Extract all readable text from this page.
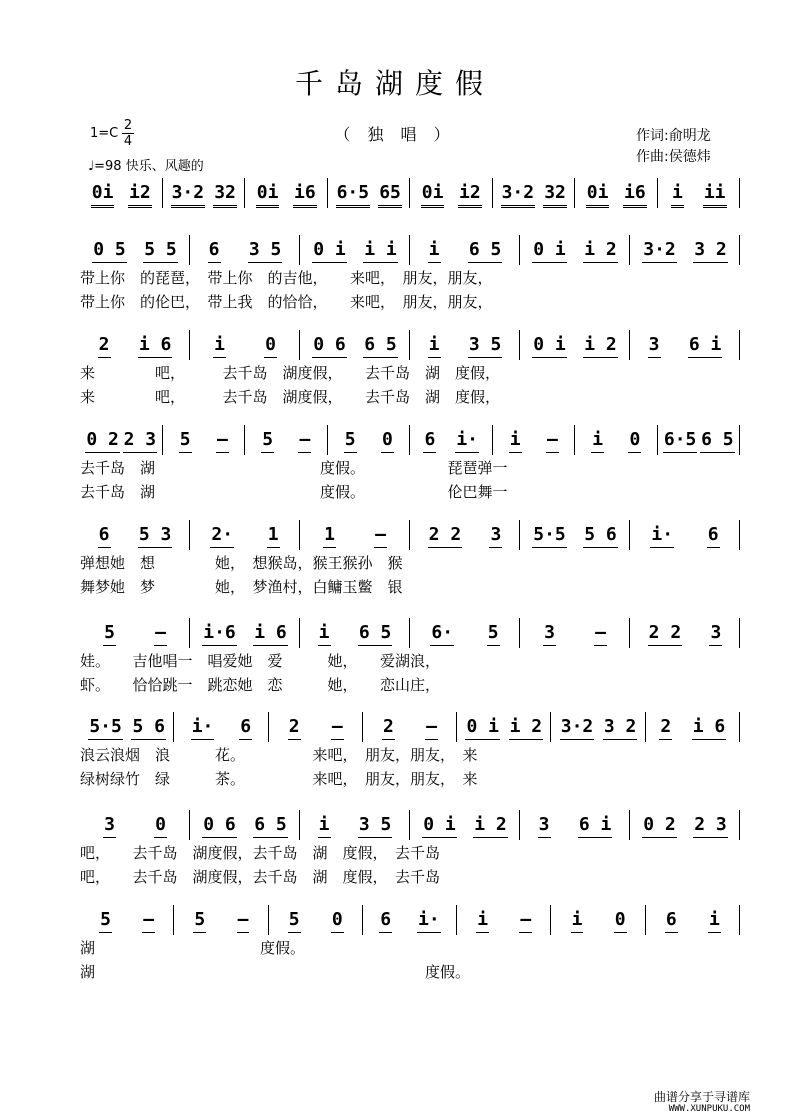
千岛湖度假
（ 独 唱 ）
1=C
2
4
♩=98 快乐、风趣的
作词:俞明龙
作曲:侯德炜
0i i2 3·2 32 0i i6 6·5 65 0i i2 3·2 32 0i i6 i ii
0 5 5 5 6 3 5 0 i i i i 6 5 0 i i 2 3·2 3 2
带上你　的琵琶，　带上你　的吉他，　　来吧，　朋友，朋友，
带上你　的伦巴，　带上我　的恰恰，　　来吧，　朋友，朋友，
2 i 6 i 0 0 6 6 5 i 3 5 0 i i 2 3 6 i
来　　　　吧，　　　去千岛　湖度假，　　去千岛　湖　度假，
来　　　　吧，　　　去千岛　湖度假，　　去千岛　湖　度假，
0 2 2 3 5 – 5 – 5 0 6 i· i – i 0 6·5 6 5
去千岛　湖　　　　　　　　　　　度假。　　　　　　琵琶弹一
去千岛　湖　　　　　　　　　　　度假。　　　　　　伦巴舞一
6 5 3 2· 1	1 – 2 2 3 5·5 5 6 i· 6
弹想她　想　　　　她，　想猴岛，猴王猴孙　猴
舞梦她　梦　　　　她，　梦渔村，白鳙玉鳖　银
5 – i·6 i 6 i 6 5 6· 5	3 – 2 2 3
娃。　　吉他唱一　唱爱她　爱　　　她，　　爱湖浪，
虾。　　恰恰跳一　跳恋她　恋　　　她，　　恋山庄，
5·5 5 6 i· 6 2 – 2 – 0 i i 2 3·2 3 2 2 i 6
浪云浪烟　浪　　　花。　　　　　来吧，　朋友，朋友，　来
绿树绿竹　绿　　　茶。　　　　　来吧，　朋友，朋友，　来
3 0 0 6 6 5 i 3 5 0 i i 2 3 6 i 0 2 2 3
吧，　　去千岛　湖度假，去千岛　湖　度假，　去千岛
吧，　　去千岛　湖度假，去千岛　湖　度假，　去千岛
5 – 5 – 5 0 6 i· i – i 0 6 i
湖　　　　　　　　　　　度假。
湖　　　　　　　　　　　　　　　　　　　　　　度假。
曲谱分享于寻谱库
WWW.XUNPUKU.COM
